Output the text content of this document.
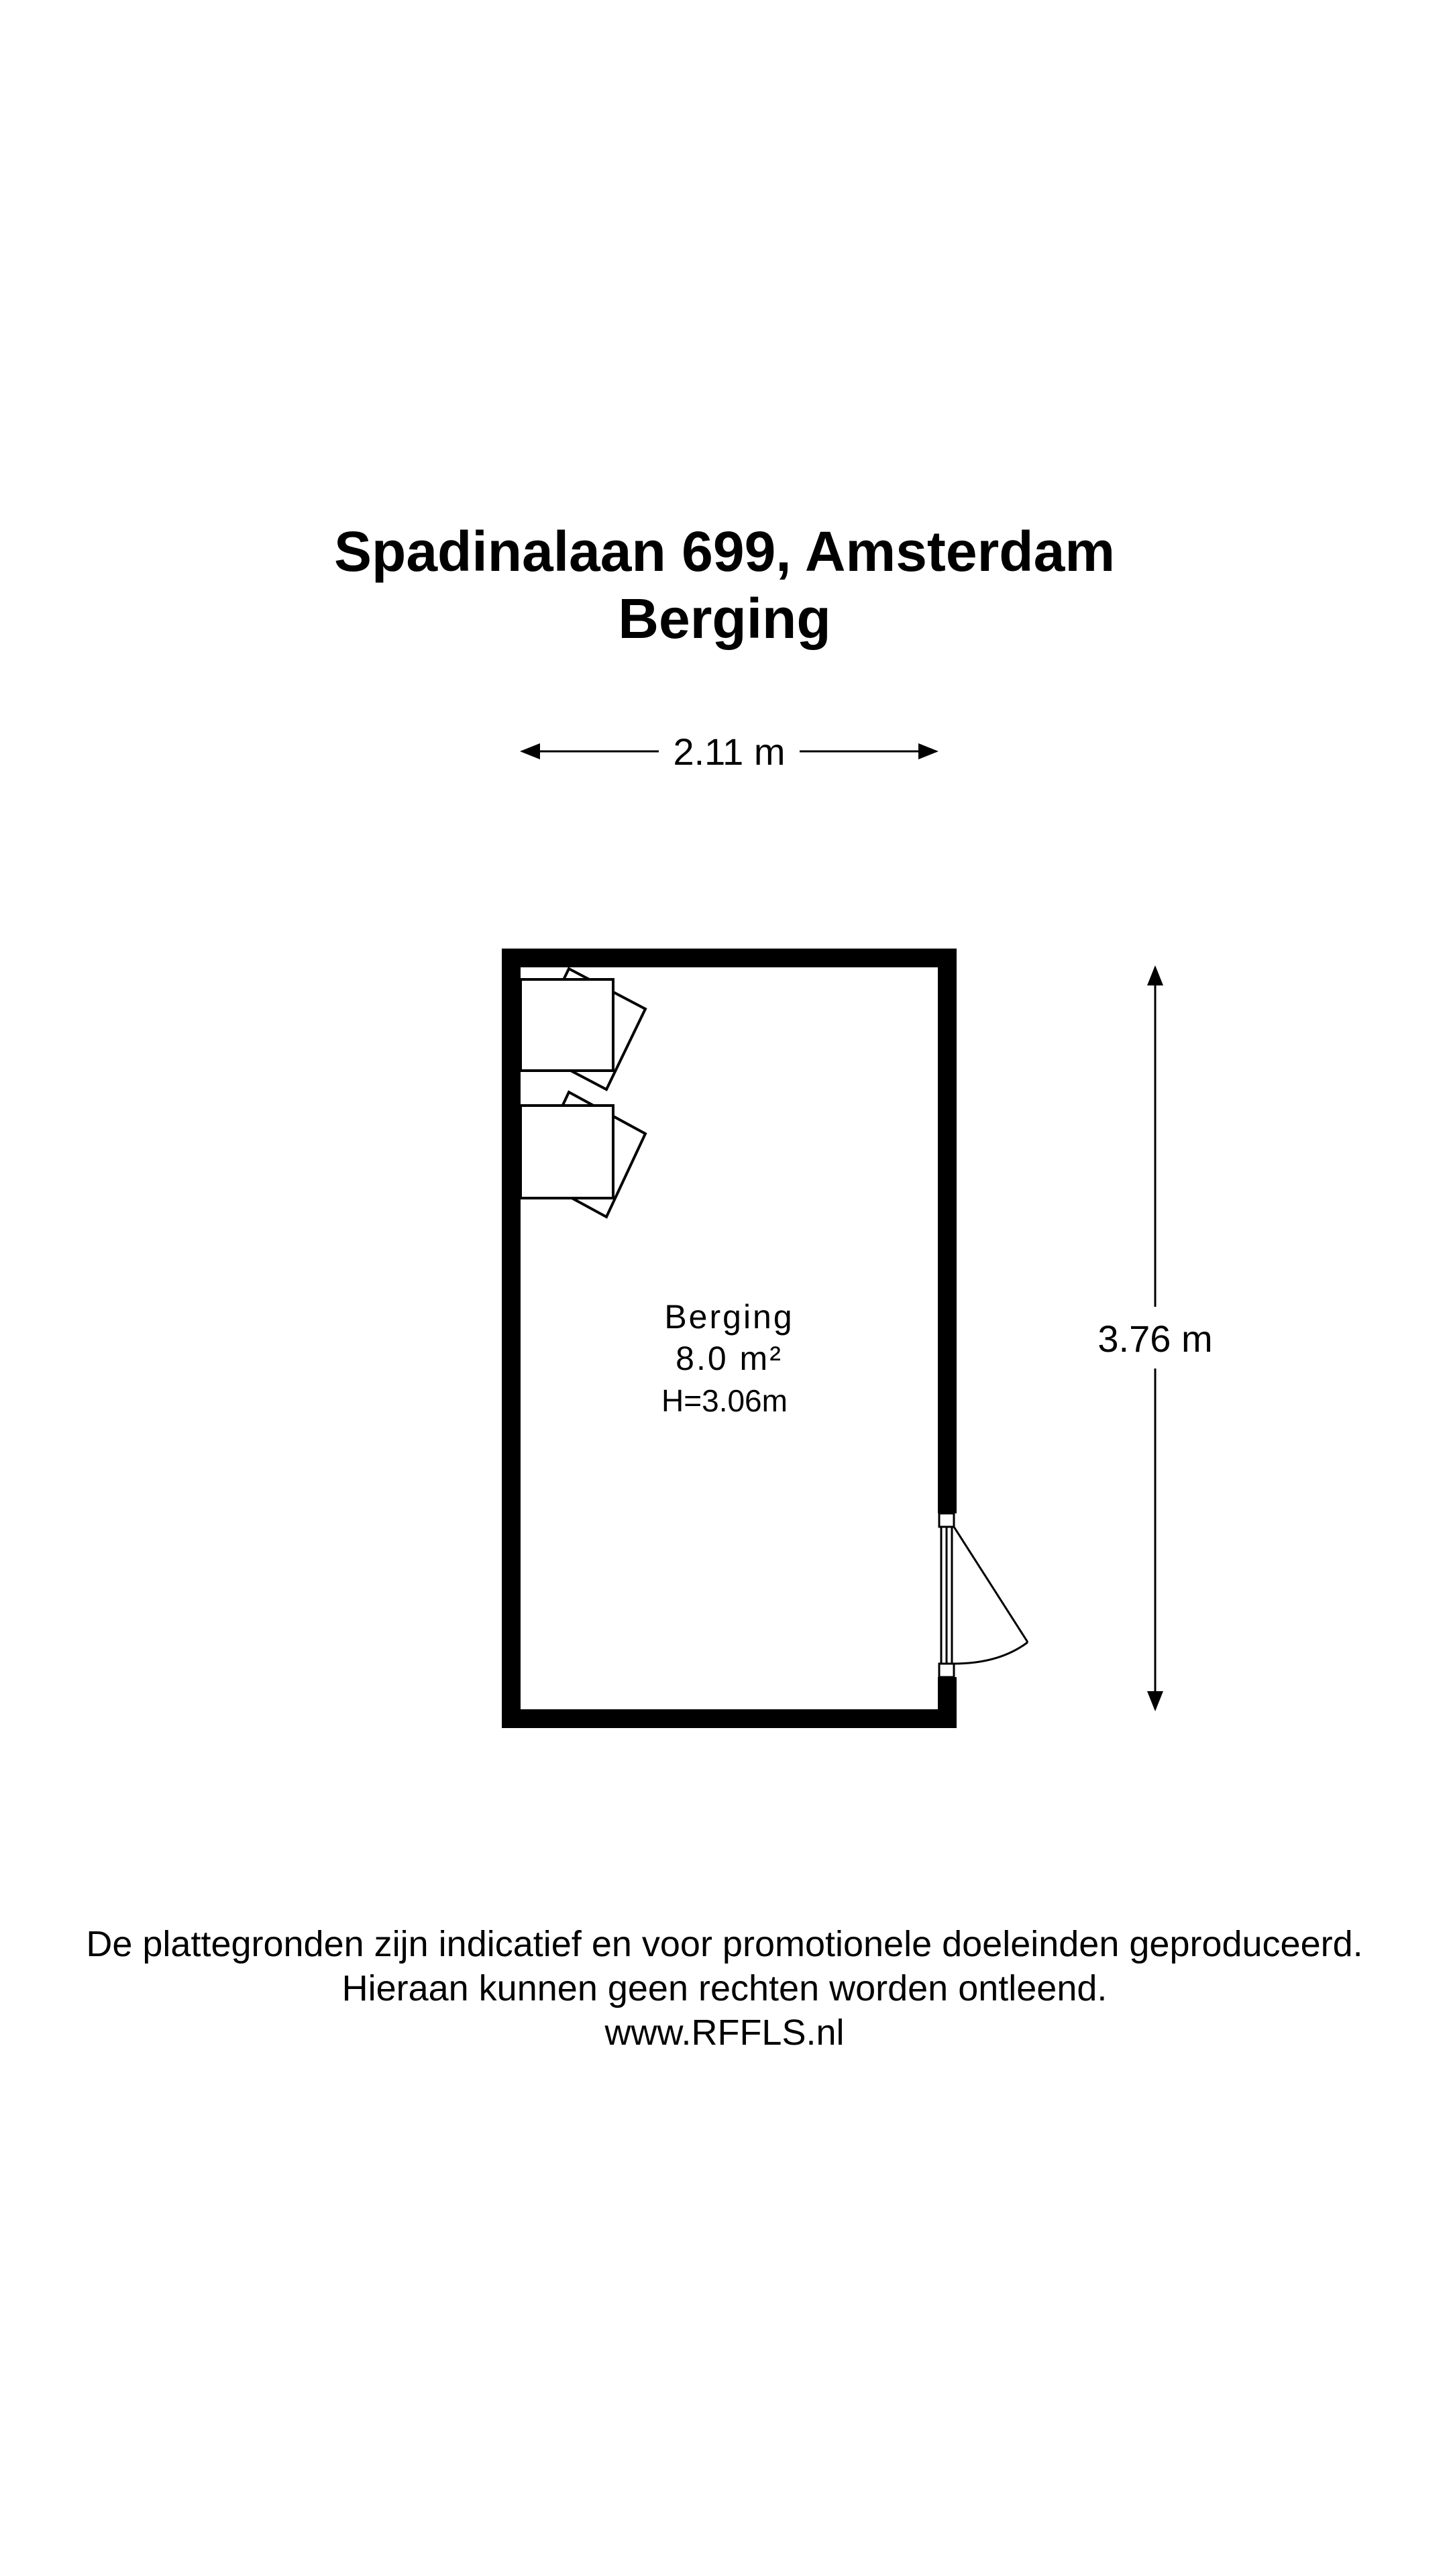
Spadinalaan 699, Amsterdam
Berging
2.11 m
3.76 m
Berging
8.0 m²
H=3.06m

De plattegronden zijn indicatief en voor promotionele doeleinden geproduceerd.

Hieraan kunnen geen rechten worden ontleend.

www.RFFLS.nl
